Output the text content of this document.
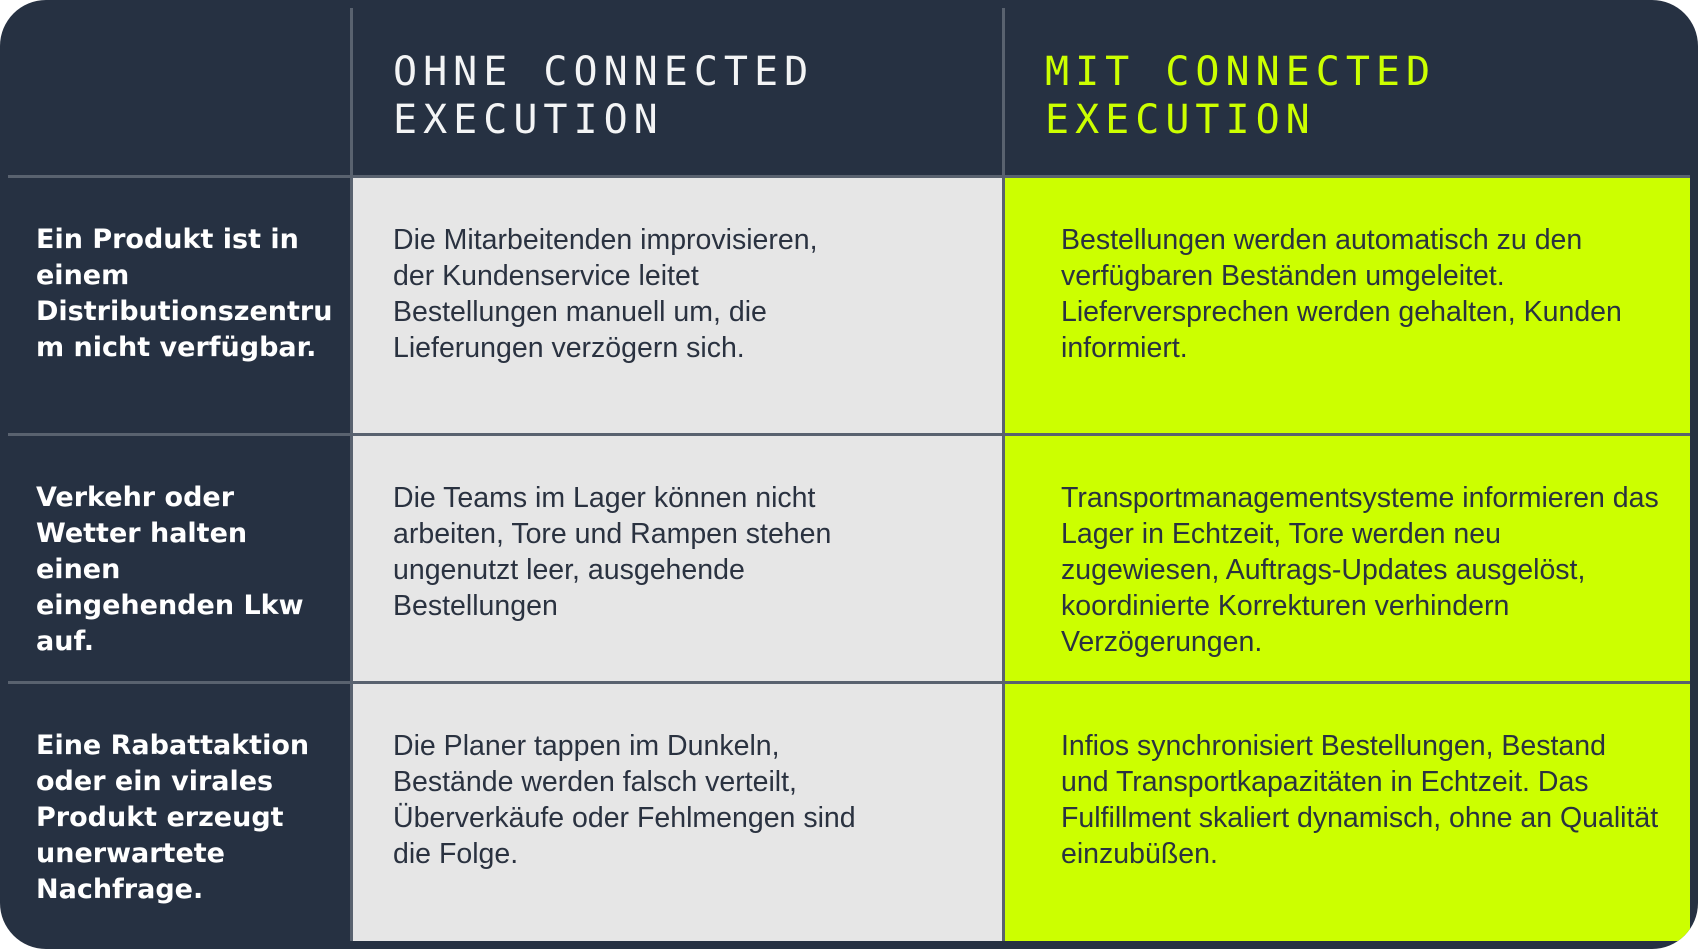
OHNE CONNECTED EXECUTION
MIT CONNECTED EXECUTION
Ein Produkt ist in einem Distributionszentru m nicht verfügbar.
Die Mitarbeitenden improvisieren, der Kundenservice leitet Bestellungen manuell um, die Lieferungen verzögern sich.
Bestellungen werden automatisch zu den verfügbaren Beständen umgeleitet. Lieferversprechen werden gehalten, Kunden informiert.
Verkehr oder Wetter halten einen eingehenden Lkw auf.
Die Teams im Lager können nicht arbeiten, Tore und Rampen stehen ungenutzt leer, ausgehende Bestellungen
Transportmanagementsysteme informieren das Lager in Echtzeit, Tore werden neu zugewiesen, Auftrags-Updates ausgelöst, koordinierte Korrekturen verhindern Verzögerungen.
Eine Rabattaktion oder ein virales Produkt erzeugt unerwartete Nachfrage.
Die Planer tappen im Dunkeln, Bestände werden falsch verteilt, Überverkäufe oder Fehlmengen sind die Folge.
Infios synchronisiert Bestellungen, Bestand und Transportkapazitäten in Echtzeit. Das Fulfillment skaliert dynamisch, ohne an Qualität einzubüßen.
